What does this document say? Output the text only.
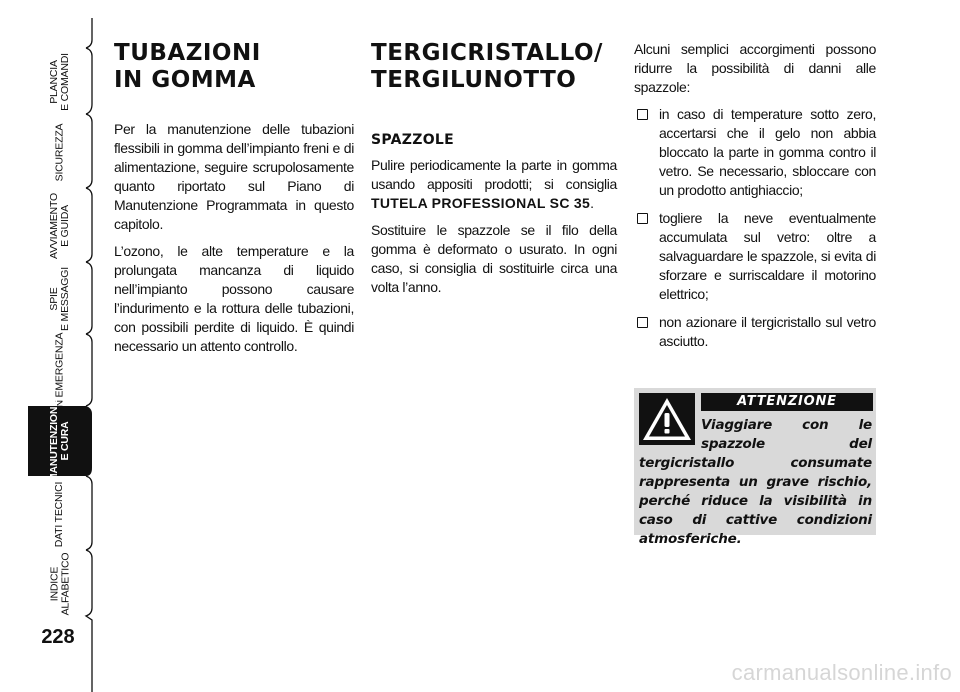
PLANCIA
E COMANDI
SICUREZZA
AVVIAMENTO
E GUIDA
SPIE
E MESSAGGI
IN EMERGENZA
MANUTENZIONE
E CURA
DATI TECNICI
INDICE
ALFABETICO
228
TUBAZIONI
IN GOMMA

Per la manutenzione delle tubazioni flessibili in gomma dell’impianto freni e di alimentazione, seguire scrupolosamente quanto riportato sul Piano di Manutenzione Programmata in questo capitolo.

L’ozono, le alte temperature e la prolungata mancanza di liquido nell’impianto possono causare l’indurimento e la rottura delle tubazioni, con possibili perdite di liquido. È quindi necessario un attento controllo.

TERGICRISTALLO/
TERGILUNOTTO
SPAZZOLE

Pulire periodicamente la parte in gomma usando appositi prodotti; si consiglia TUTELA PROFESSIONAL SC 35.

Sostituire le spazzole se il filo della gomma è deformato o usurato. In ogni caso, si consiglia di sostituirle circa una volta l’anno.

Alcuni semplici accorgimenti possono ridurre la possibilità di danni alle spazzole:

in caso di temperature sotto zero, accertarsi che il gelo non abbia bloccato la parte in gomma contro il vetro. Se necessario, sbloccare con un prodotto antighiaccio;
togliere la neve eventualmente accumulata sul vetro: oltre a salvaguardare le spazzole, si evita di sforzare e surriscaldare il motorino elettrico;
non azionare il tergicristallo sul vetro asciutto.
ATTENZIONE
Viaggiare con le spazzole del tergicristallo consumate rappresenta un grave rischio, perché riduce la visibilità in caso di cattive condizioni atmosferiche.
carmanualsonline.info
